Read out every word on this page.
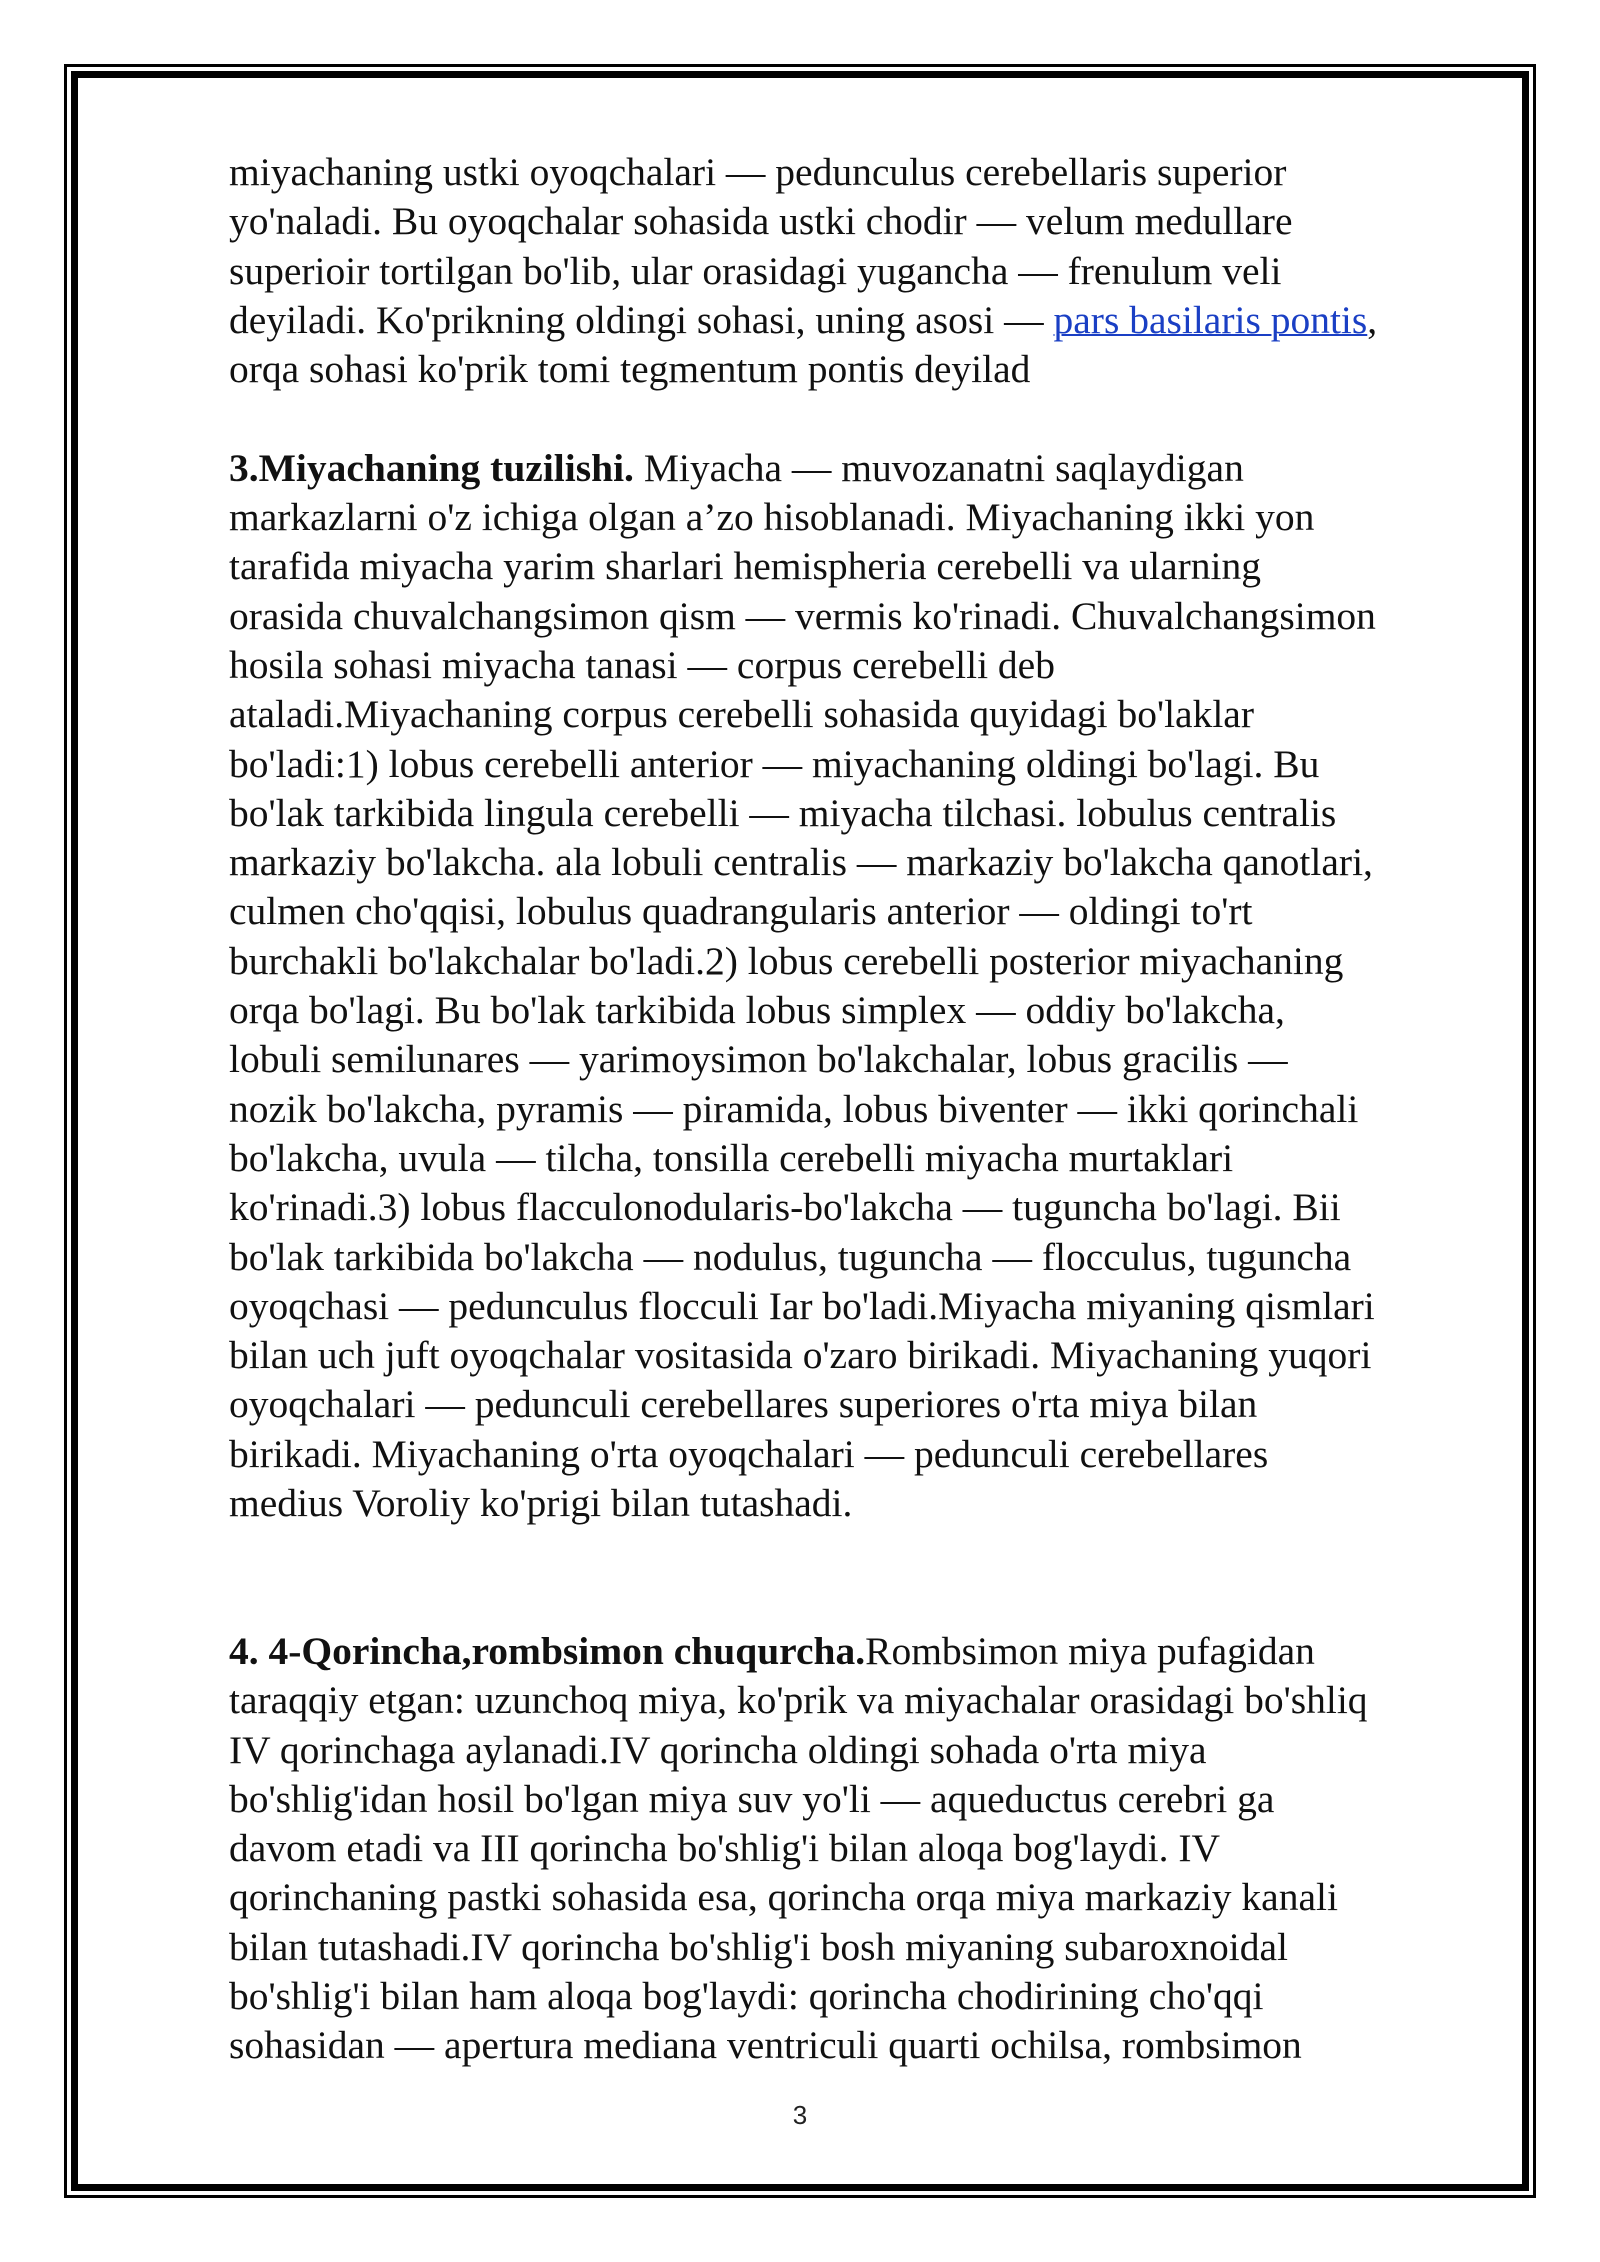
miyachaning ustki oyoqchalari — pedunculus cerebellaris superior
yo'naladi. Bu oyoqchalar sohasida ustki chodir — velum medullare
superioir tortilgan bo'lib, ular orasidagi yugancha — frenulum veli
deyiladi. Ko'prikning oldingi sohasi, uning asosi — pars basilaris pontis,
orqa sohasi ko'prik tomi tegmentum pontis deyilad
3.Miyachaning tuzilishi. Miyacha — muvozanatni saqlaydigan
markazlarni o'z ichiga olgan a’zo hisoblanadi. Miyachaning ikki yon
tarafida miyacha yarim sharlari hemispheria cerebelli va ularning
orasida chuvalchangsimon qism — vermis ko'rinadi. Chuvalchangsimon
hosila sohasi miyacha tanasi — corpus cerebelli deb
ataladi.Miyachaning corpus cerebelli sohasida quyidagi bo'laklar
bo'ladi:1) lobus cerebelli anterior — miyachaning oldingi bo'lagi. Bu
bo'lak tarkibida lingula cerebelli — miyacha tilchasi. lobulus centralis
markaziy bo'lakcha. ala lobuli centralis — markaziy bo'lakcha qanotlari,
culmen cho'qqisi, lobulus quadrangularis anterior — oldingi to'rt
burchakli bo'lakchalar bo'ladi.2) lobus cerebelli posterior miyachaning
orqa bo'lagi. Bu bo'lak tarkibida lobus simplex — oddiy bo'lakcha,
lobuli semilunares — yarimoysimon bo'lakchalar, lobus gracilis —
nozik bo'lakcha, pyramis — piramida, lobus biventer — ikki qorinchali
bo'lakcha, uvula — tilcha, tonsilla cerebelli miyacha murtaklari
ko'rinadi.3) lobus flacculonodularis-bo'lakcha — tuguncha bo'lagi. Bii
bo'lak tarkibida bo'lakcha — nodulus, tuguncha — flocculus, tuguncha
oyoqchasi — pedunculus flocculi Iar bo'ladi.Miyacha miyaning qismlari
bilan uch juft oyoqchalar vositasida o'zaro birikadi. Miyachaning yuqori
oyoqchalari — pedunculi cerebellares superiores o'rta miya bilan
birikadi. Miyachaning o'rta oyoqchalari — pedunculi cerebellares
medius Voroliy ko'prigi bilan tutashadi.
4. 4-Qorincha,rombsimon chuqurcha.Rombsimon miya pufagidan
taraqqiy etgan: uzunchoq miya, ko'prik va miyachalar orasidagi bo'shliq
IV qorinchaga aylanadi.IV qorincha oldingi sohada o'rta miya
bo'shlig'idan hosil bo'lgan miya suv yo'li — aqueductus cerebri ga
davom etadi va III qorincha bo'shlig'i bilan aloqa bog'laydi. IV
qorinchaning pastki sohasida esa, qorincha orqa miya markaziy kanali
bilan tutashadi.IV qorincha bo'shlig'i bosh miyaning subaroxnoidal
bo'shlig'i bilan ham aloqa bog'laydi: qorincha chodirining cho'qqi
sohasidan — apertura mediana ventriculi quarti ochilsa, rombsimon
3
